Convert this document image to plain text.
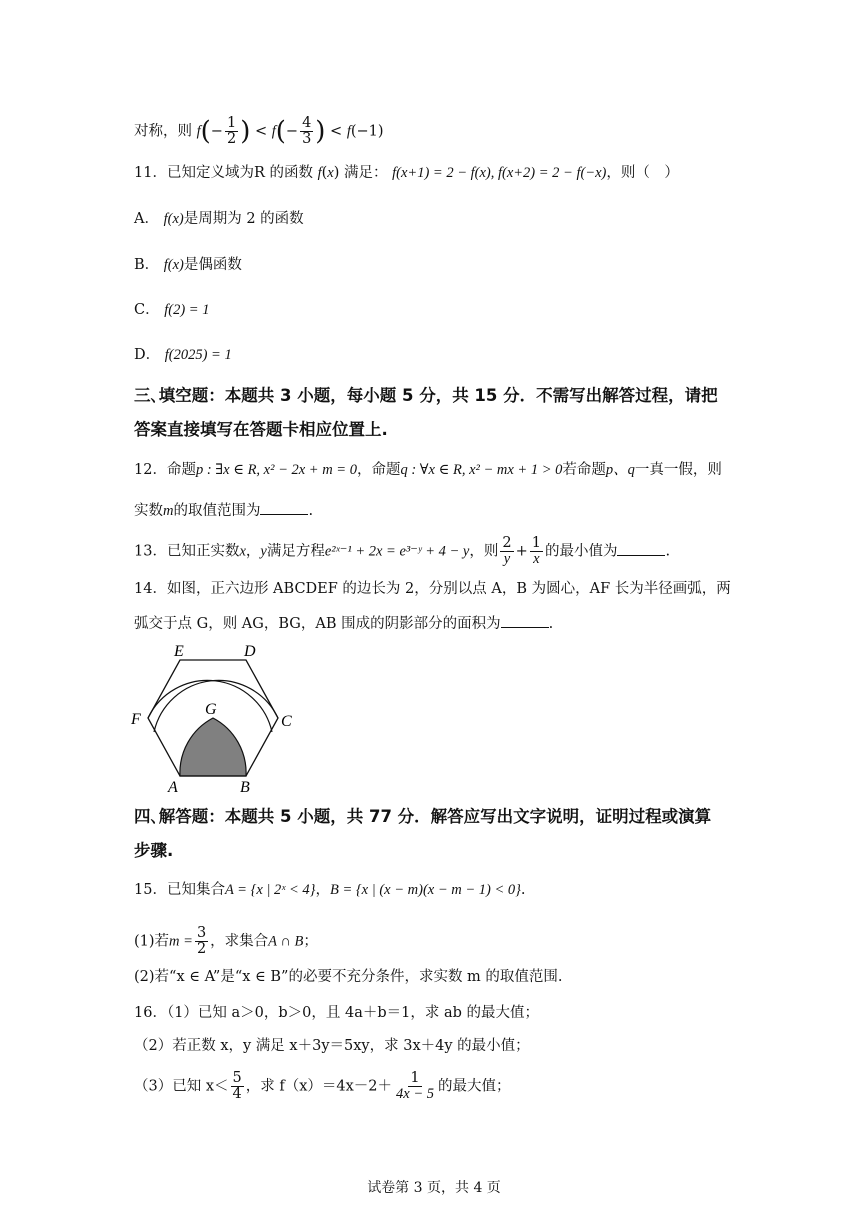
对称，则 $f(- \frac{1}{2}$ ) < $f(- \frac{4}{3}$ ) < f(−1)
11．已知定义域为R 的函数 f(x) 满足： f(x+1) = 2 − f(x), f(x+2) = 2 − f(−x)，则（　）
A． f(x)是周期为 2 的函数
B． f(x)是偶函数
C． f(2) = 1
D． f(2025) = 1
三､填空题：本题共 3 小题，每小题 5 分，共 15 分．不需写出解答过程，请把
答案直接填写在答题卡相应位置上.
12．命题p : ∃x ∈ R, x² − 2x + m = 0，命题q : ∀x ∈ R, x² − mx + 1 > 0若命题p、q一真一假，则
实数m的取值范围为	.
13．已知正实数x，y满足方程e²ˣ⁻¹ + 2x = e³⁻ʸ + 4 − y，则 $\frac{2}{y} + \frac{1}{x}$ 的最小值为	.
14．如图，正六边形 ABCDEF 的边长为 2，分别以点 A，B 为圆心，AF 长为半径画弧，两
弧交于点 G，则 AG，BG，AB 围成的阴影部分的面积为	.
E	D
F	C
G
A	B
四､解答题：本题共 5 小题，共 77 分．解答应写出文字说明，证明过程或演算
步骤.
15．已知集合A = {x | 2ˣ < 4}，B = {x | (x − m)(x − m − 1) < 0}.
(1)若$m = \frac{3}{2}$ ，求集合A ∩ B；
(2)若“x ∈ A”是“x ∈ B”的必要不充分条件，求实数 m 的取值范围.
16．（1）已知 a＞0，b＞0，且 4a＋b＝1，求 ab 的最大值；
（2）若正数 x，y 满足 x＋3y＝5xy，求 3x＋4y 的最小值；
（3）已知 $x< \frac{5}{4}$ ，求 $f(x)=4x-2+ \frac{1}{4x - 5}$ 的最大值；
试卷第 3 页，共 4 页
